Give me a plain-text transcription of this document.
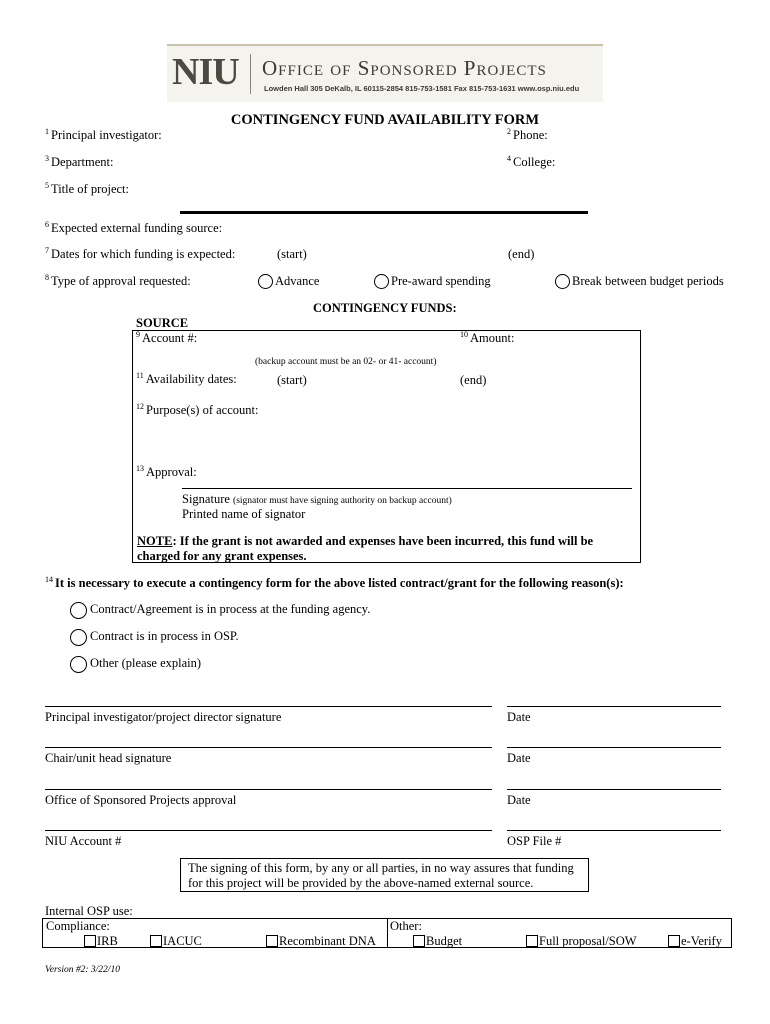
NIU Office of Sponsored Projects
Lowden Hall 305 DeKalb, IL 60115-2854 815-753-1581 Fax 815-753-1631 www.osp.niu.edu
CONTINGENCY FUND AVAILABILITY FORM
$^1$ Principal investigator:	$^2$ Phone:
$^3$ Department:	$^4$ College:
$^5$ Title of project:
$^6$ Expected external funding source:
$^7$ Dates for which funding is expected:	(start)	(end)
$^8$ Type of approval requested:	Advance	Pre-award spending	Break between budget periods
CONTINGENCY FUNDS:
SOURCE
$^9$ Account #:	$^{10}$ Amount:
(backup account must be an 02- or 41- account)
$^{11}$ Availability dates:	(start)	(end)
$^{12}$ Purpose(s) of account:
$^{13}$ Approval:
Signature (signator must have signing authority on backup account)
Printed name of signator
NOTE: If the grant is not awarded and expenses have been incurred, this fund will be
charged for any grant expenses.
$^{14}$ It is necessary to execute a contingency form for the above listed contract/grant for the following reason(s):
Contract/Agreement is in process at the funding agency.
Contract is in process in OSP.
Other (please explain)
Principal investigator/project director signature	Date
Chair/unit head signature	Date
Office of Sponsored Projects approval	Date
NIU Account #	OSP File #
The signing of this form, by any or all parties, in no way assures that funding
for this project will be provided by the above-named external source.
Internal OSP use:
Compliance:	Other:
IRB	IACUC	Recombinant DNA	Budget	Full proposal/SOW	e-Verify
Version #2: 3/22/10
